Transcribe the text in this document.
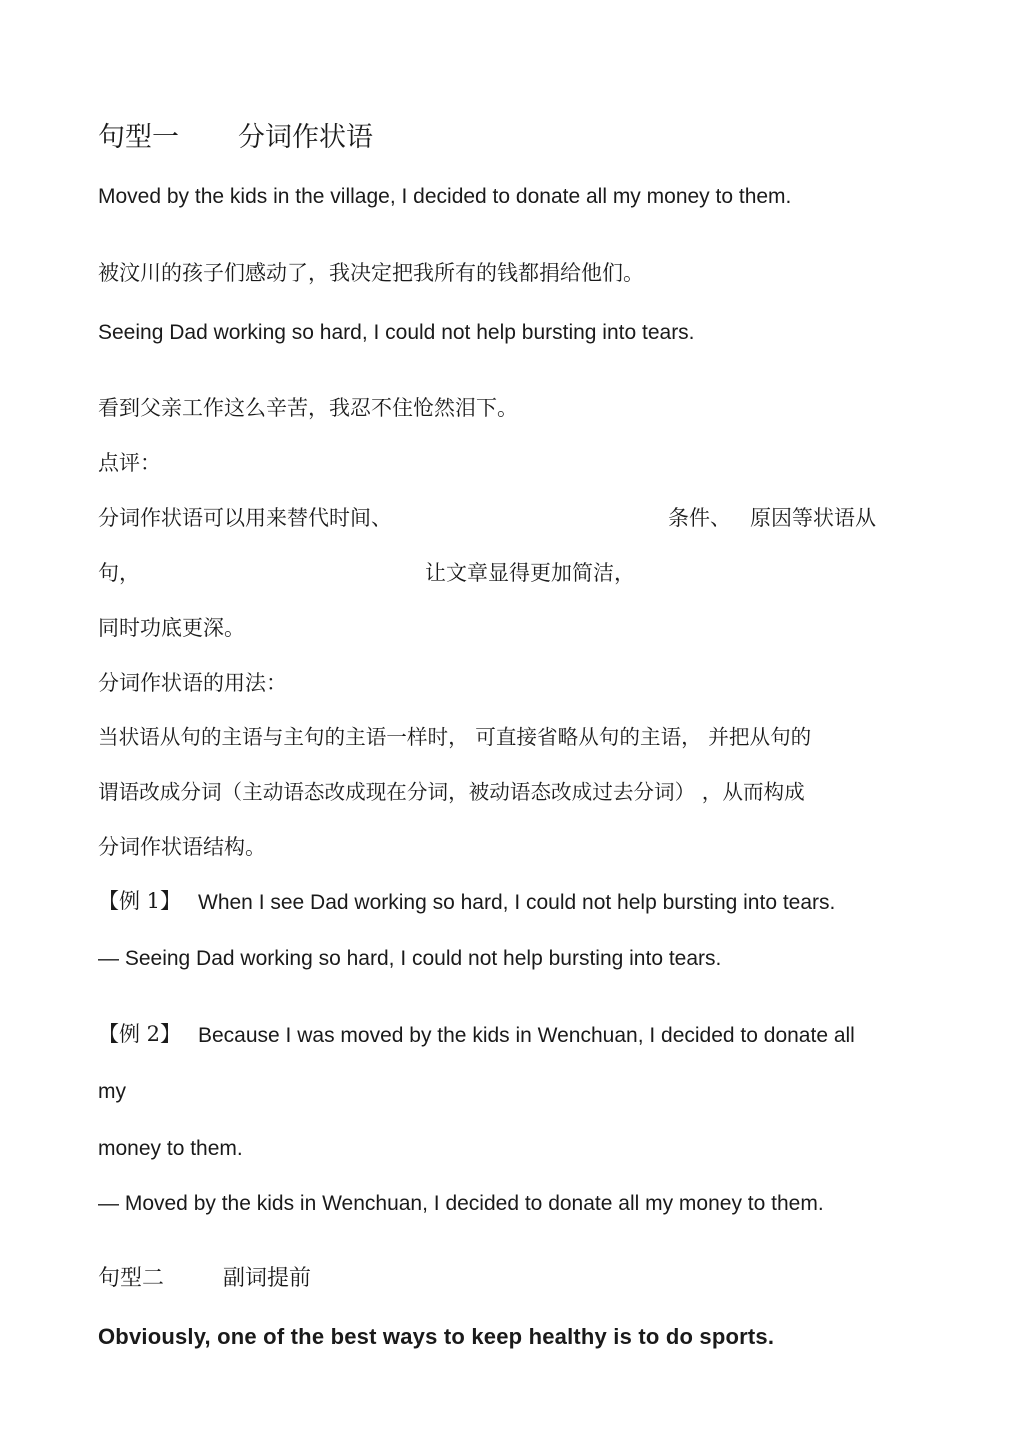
句型一 分词作状语
Moved by the kids in the village, I decided to donate all my money to them.
被汶川的孩子们感动了，我决定把我所有的钱都捐给他们。
Seeing Dad working so hard, I could not help bursting into tears.
看到父亲工作这么辛苦，我忍不住怆然泪下。
点评：
分词作状语可以用来替代时间、	条件、 原因等状语从
句，	让文章显得更加简洁，
同时功底更深。
分词作状语的用法：
当状语从句的主语与主句的主语一样时， 可直接省略从句的主语， 并把从句的
谓语改成分词（主动语态改成现在分词，被动语态改成过去分词） ，从而构成
分词作状语结构。
【例 1】 When I see Dad working so hard, I could not help bursting into tears.
— Seeing Dad working so hard, I could not help bursting into tears.
【例 2】 Because I was moved by the kids in Wenchuan, I decided to donate all
my
money to them.
— Moved by the kids in Wenchuan, I decided to donate all my money to them.
句型二	副词提前
Obviously, one of the best ways to keep healthy is to do sports.
